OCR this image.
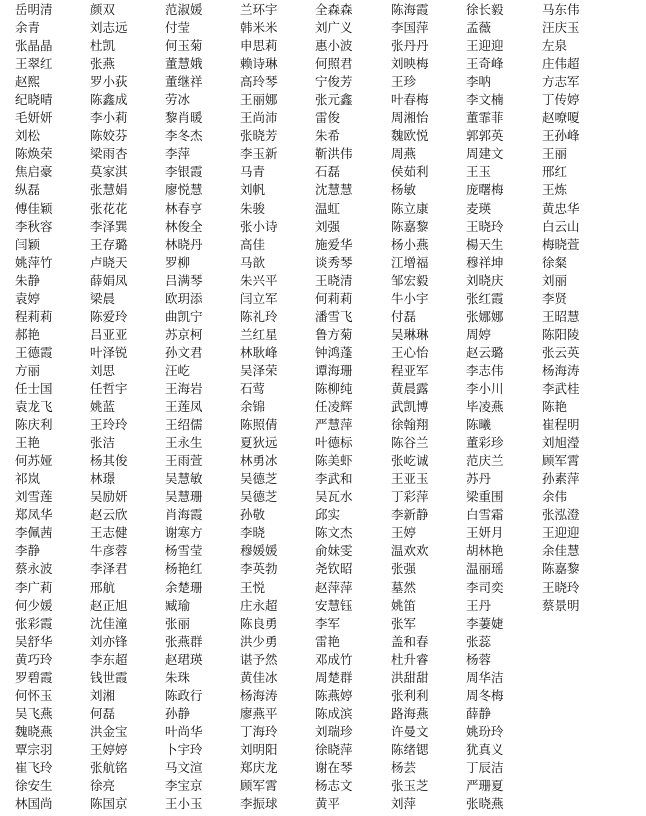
岳明清
余青
张晶晶
王翠红
赵熙
纪晓晴
毛妍妍
刘松
陈焕荣
焦启豪
纵磊
傅佳颖
李秋容
闫颖
姚萍竹
朱静
袁婷
程莉莉
郝艳
王德霞
方丽
任士国
袁龙飞
陈庆利
王艳
何苏娅
祁岚
刘雪莲
郑凤华
李佩茜
李静
蔡永波
李广莉
何少媛
张彩霞
吴舒华
黄巧玲
罗碧霞
何怀玉
吴飞燕
魏晓燕
覃宗羽
崔飞玲
徐安生
林国尚
颜双
刘志远
杜凯
张燕
罗小荻
陈鑫成
李小莉
陈姣芬
梁雨杏
莫家淇
张慧娟
张花花
李泽巽
王存璐
卢晓天
薛娟凤
梁晨
陈爱玲
吕亚亚
叶泽锐
刘思
任哲宇
姚蓝
王玲玲
张洁
杨其俊
林璟
吴励妍
赵云欣
王志健
牛彦蓉
李泽君
邢航
赵正旭
沈佳潼
刘亦锋
李东超
钱世霞
刘湘
何磊
洪金宝
王婷婷
张航铭
徐亮
陈国京
范淑媛
付莹
何玉菊
董慧娥
董继祥
劳冰
黎肖暖
李冬杰
李萍
李银霞
廖悦慧
林春亨
林俊全
林晓丹
罗柳
吕满琴
欧玥添
曲凯宁
苏京柯
孙文君
汪屹
王海岩
王莲凤
王绍儒
王永生
王雨萱
吴慧敏
吴慧珊
肖海霞
谢寒方
杨雪莹
杨艳红
余楚珊
臧瑜
张丽
张燕群
赵珺瑛
朱珠
陈政行
孙静
叶尚华
卜宇玲
马文渲
李宝京
王小玉
兰环宇
韩米米
申思莉
赖诗琳
高玲琴
王丽娜
王尚沛
张晓芳
李玉新
马青
刘帆
朱骏
张小诗
高佳
马歆
朱兴平
闫立军
陈礼玲
兰红星
林耿峰
吴泽荣
石莺
余锦
陈照倩
夏狄远
林勇冰
吴德芝
吴德芝
孙敬
李晓
穆媛媛
李英勃
王悦
庄永超
陈良勇
洪少勇
谌予然
黄佳冰
杨海涛
廖燕平
丁海玲
刘明阳
郑庆龙
顾军霄
李振球
全森森
刘广义
惠小波
何照君
宁俊芳
张元鑫
雷俊
朱希
靳洪伟
石磊
沈慧慧
温虹
刘强
施爱华
谈秀琴
王晓清
何莉莉
潘雪飞
鲁方菊
钟鸿蓬
谭海珊
陈柳纯
任凌辉
严慧萍
叶德标
陈美虾
李武和
吴瓦水
邱实
陈文杰
俞妹雯
尧钦昭
赵萍萍
安慧钰
李军
雷艳
邓成竹
周楚群
陈燕婷
陈成滨
刘瑞珍
徐晓萍
谢在琴
杨志文
黄平
陈海霞
李国萍
张丹丹
刘映梅
王珍
叶春梅
周湘怡
魏欧悦
周燕
侯茹利
杨敏
陈立康
陈嘉黎
杨小燕
江增福
邹宏毅
牛小宇
付磊
吴琳琳
王心怡
程亚军
黄晨露
武凯博
徐翰翔
陈谷兰
张屹诚
王亚玉
丁彩萍
李新静
王婷
温欢欢
张强
墓然
姚笛
张军
盖和春
杜升睿
洪甜甜
张利利
路海燕
许曼文
陈绪锶
杨芸
张玉芝
刘萍
徐长毅
孟薇
王迎迎
王奇峰
李呐
李文楠
董霏菲
郭郭英
周建文
王玉
庞曙梅
麦瑛
王晓玲
楊天生
穆祥坤
刘晓庆
张红霞
张娜娜
周婷
赵云璐
李志伟
李小川
毕凌燕
陈曦
董彩珍
范庆兰
苏丹
梁重围
白雪霜
王妍月
胡林艳
温丽瑶
李司奕
王丹
李萋婕
张蕊
杨蓉
周华洁
周冬梅
薛静
姚玢玲
犹真义
丁辰洁
严珊夏
张晓燕
马东伟
汪庆玉
左泉
庄伟超
方志军
丁传婷
赵嘹嗄
王孙峰
王丽
邢红
王炼
黄忠华
白云山
梅晓萱
徐粲
刘丽
李贤
王昭慧
陈阳陵
张云英
杨海涛
李武桂
陈艳
崔程明
刘旭瀅
顾军霄
孙素萍
余伟
张泓澄
王迎迎
余佳慧
陈嘉黎
王晓玲
蔡景明
